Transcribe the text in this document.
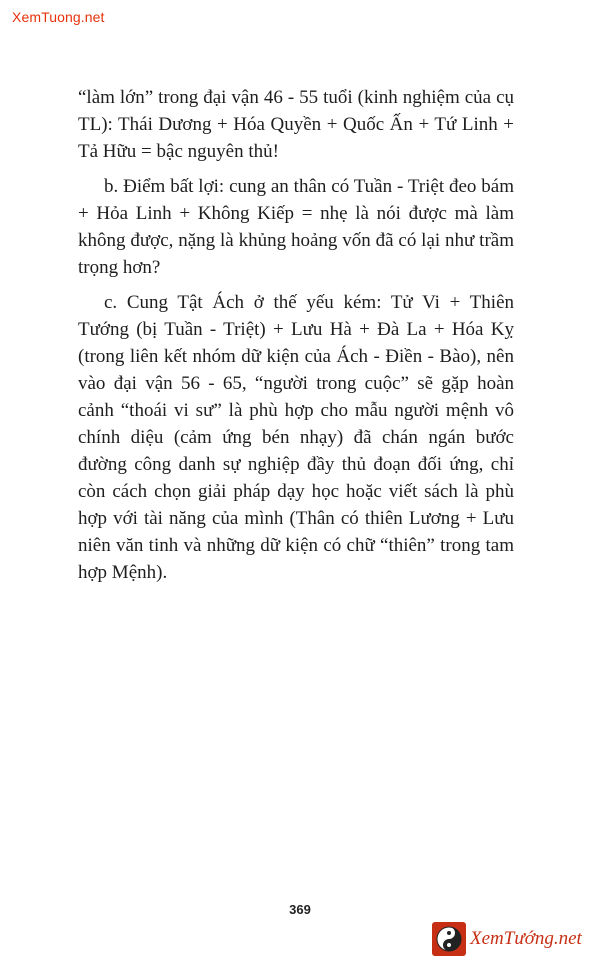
XemTuong.net

“làm lớn” trong đại vận 46 - 55 tuổi (kinh nghiệm của cụ TL): Thái Dương + Hóa Quyền + Quốc Ấn + Tứ Linh + Tả Hữu = bậc nguyên thủ!

b. Điểm bất lợi: cung an thân có Tuần - Triệt đeo bám + Hỏa Linh + Không Kiếp = nhẹ là nói được mà làm không được, nặng là khủng hoảng vốn đã có lại như trầm trọng hơn?

c. Cung Tật Ách ở thế yếu kém: Tử Vi + Thiên Tướng (bị Tuần - Triệt) + Lưu Hà + Đà La + Hóa Kỵ (trong liên kết nhóm dữ kiện của Ách - Điền - Bào), nên vào đại vận 56 - 65, “người trong cuộc” sẽ gặp hoàn cảnh “thoái vi sư” là phù hợp cho mẫu người mệnh vô chính diệu (cảm ứng bén nhạy) đã chán ngán bước đường công danh sự nghiệp đầy thủ đoạn đối ứng, chỉ còn cách chọn giải pháp dạy học hoặc viết sách là phù hợp với tài năng của mình (Thân có thiên Lương + Lưu niên văn tinh và những dữ kiện có chữ “thiên” trong tam hợp Mệnh).

369
XemTướng.net
